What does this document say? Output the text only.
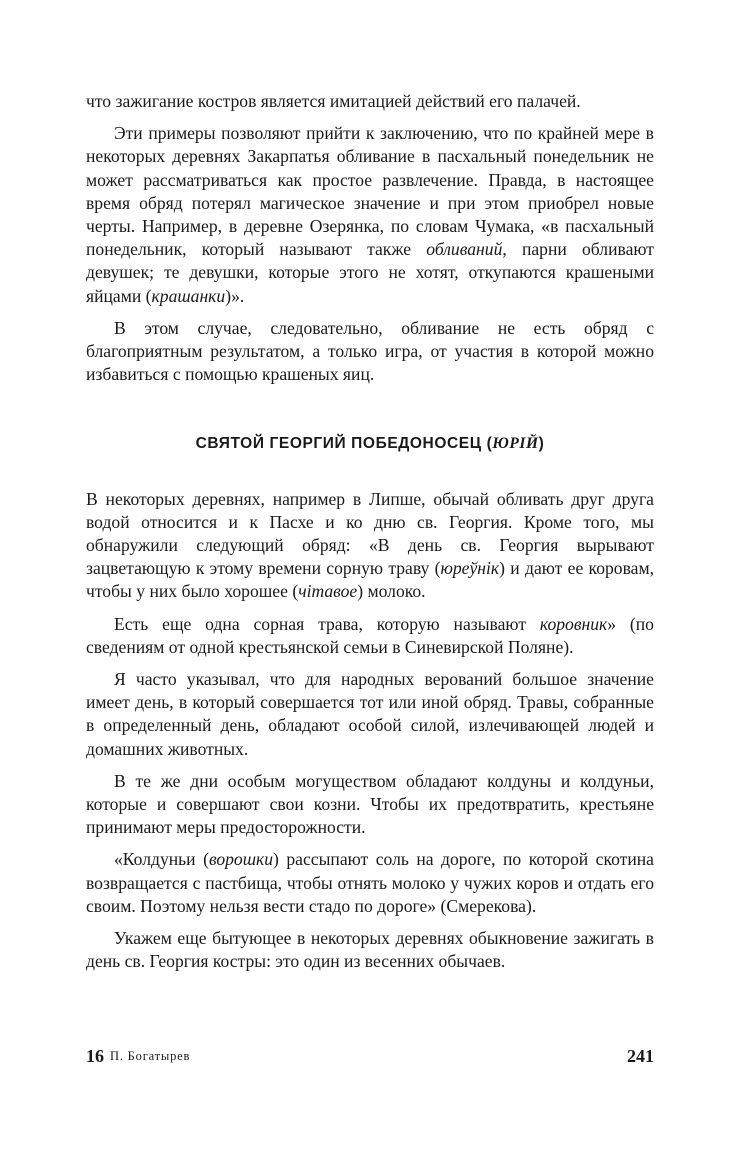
что зажигание костров является имитацией действий его палачей.

Эти примеры позволяют прийти к заключению, что по крайней мере в некоторых деревнях Закарпатья обливание в пасхальный понедельник не может рассматриваться как простое развлечение. Правда, в настоящее время обряд потерял магическое значение и при этом приобрел новые черты. Например, в деревне Озерянка, по словам Чумака, «в пасхальный понедельник, который называют также обливаний, парни обливают девушек; те девушки, которые этого не хотят, откупаются крашеными яйцами (крашанки)».

В этом случае, следовательно, обливание не есть обряд с благоприятным результатом, а только игра, от участия в которой можно избавиться с помощью крашеных яиц.

СВЯТОЙ ГЕОРГИЙ ПОБЕДОНОСЕЦ (ЮРІЙ)

В некоторых деревнях, например в Липше, обычай обливать друг друга водой относится и к Пасхе и ко дню св. Георгия. Кроме того, мы обнаружили следующий обряд: «В день св. Георгия вырывают зацветающую к этому времени сорную траву (юреўнік) и дают ее коровам, чтобы у них было хорошее (чітавое) молоко.

Есть еще одна сорная трава, которую называют коровник» (по сведениям от одной крестьянской семьи в Синевирской Поляне).

Я часто указывал, что для народных верований большое значение имеет день, в который совершается тот или иной обряд. Травы, собранные в определенный день, обладают особой силой, излечивающей людей и домашних животных.

В те же дни особым могуществом обладают колдуны и колдуньи, которые и совершают свои козни. Чтобы их предотвратить, крестьяне принимают меры предосторожности.

«Колдуньи (ворошки) рассыпают соль на дороге, по которой скотина возвращается с пастбища, чтобы отнять молоко у чужих коров и отдать его своим. Поэтому нельзя вести стадо по дороге» (Смерекова).

Укажем еще бытующее в некоторых деревнях обыкновение зажигать в день св. Георгия костры: это один из весенних обычаев.

16 П. Богатырев	241
